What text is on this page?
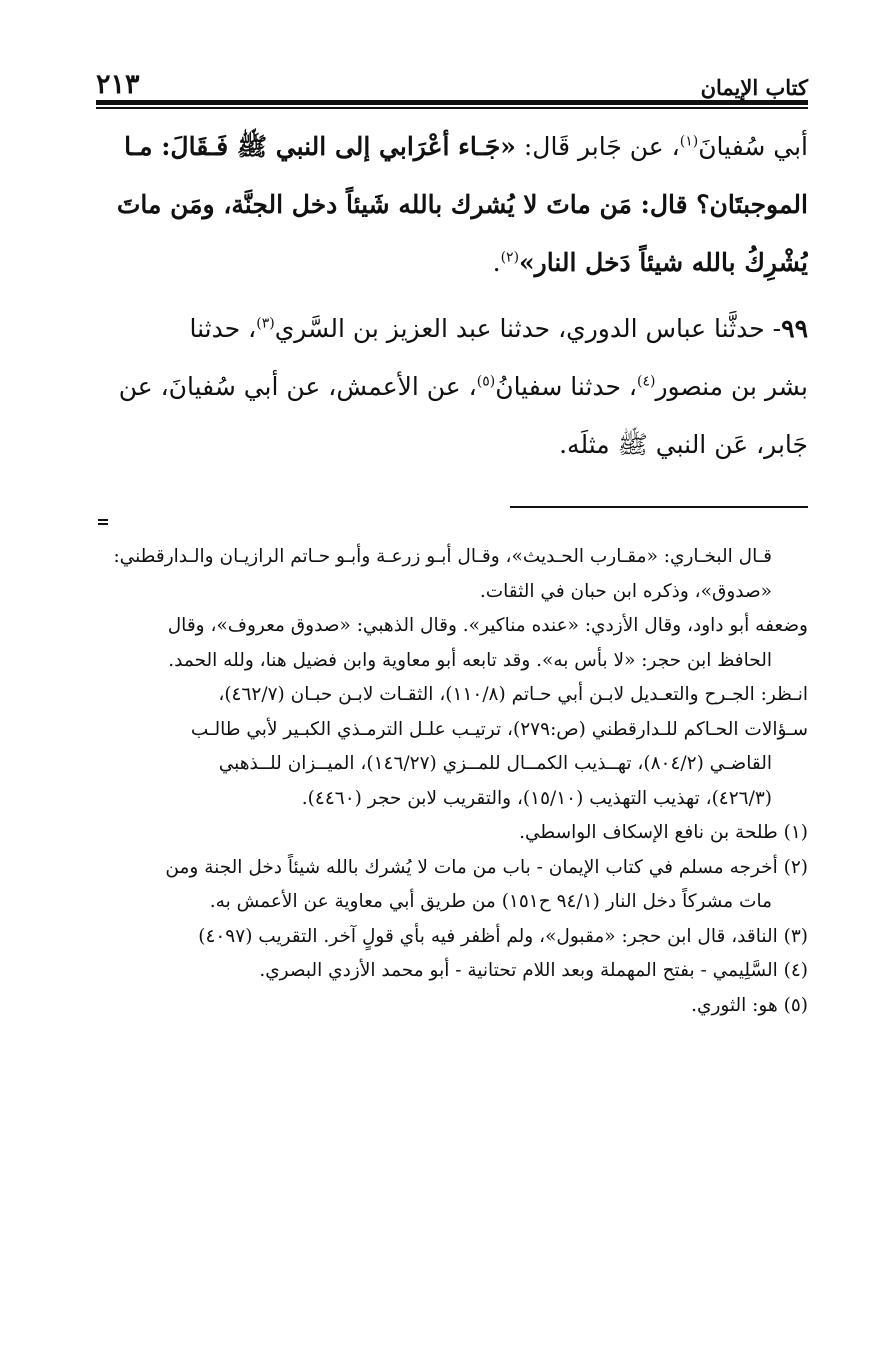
كتاب الإيمان
٢١٣
أبي سُفيانَ$^{(١)}$، عن جَابر قَال: «جَـاء أعْرَابي إلى النبي ﷺ فَـقَالَ: مـا
الموجبتَان؟ قال: مَن ماتَ لا يُشرك بالله شَيئاً دخل الجنَّة، ومَن ماتَ
يُشْرِكُ بالله شيئاً دَخل النار»$^{(٢)}$.
٩٩- حدثَّنا عباس الدوري، حدثنا عبد العزيز بن السَّري$^{(٣)}$، حدثنا
بشر بن منصور$^{(٤)}$، حدثنا سفيانُ$^{(٥)}$، عن الأعمش، عن أبي سُفيانَ، عن
جَابر، عَن النبي ﷺ مثلَه.
قـال البخـاري: «مقـارب الحـديث»، وقـال أبـو زرعـة وأبـو حـاتم الرازيـان والـدارقطني:
«صدوق»، وذكره ابن حبان في الثقات.
وضعفه أبو داود، وقال الأزدي: «عنده مناكير». وقال الذهبي: «صدوق معروف»، وقال
الحافظ ابن حجر: «لا بأس به». وقد تابعه أبو معاوية وابن فضيل هنا، ولله الحمد.
انـظر: الجـرح والتعـديل لابـن أبي حـاتم (١١٠/٨)، الثقـات لابـن حبـان (٤٦٢/٧)،
سـؤالات الحـاكم للـدارقطني (ص:٢٧٩)، ترتيـب علـل الترمـذي الكبـير لأبي طالـب
القاضـي (٨٠٤/٢)، تهــذيب الكمــال للمــزي (١٤٦/٢٧)، الميــزان للــذهبي
(٤٢٦/٣)، تهذيب التهذيب (١٥/١٠)، والتقريب لابن حجر (٤٤٦٠).
(١) طلحة بن نافع الإسكاف الواسطي.
(٢) أخرجه مسلم في كتاب الإيمان - باب من مات لا يُشرك بالله شيئاً دخل الجنة ومن
مات مشركاً دخل النار (٩٤/١ ح١٥١) من طريق أبي معاوية عن الأعمش به.
(٣) الناقد، قال ابن حجر: «مقبول»، ولم أظفر فيه بأي قولٍ آخر. التقريب (٤٠٩٧)
(٤) السَّلِيمي - بفتح المهملة وبعد اللام تحتانية - أبو محمد الأزدي البصري.
(٥) هو: الثوري.
